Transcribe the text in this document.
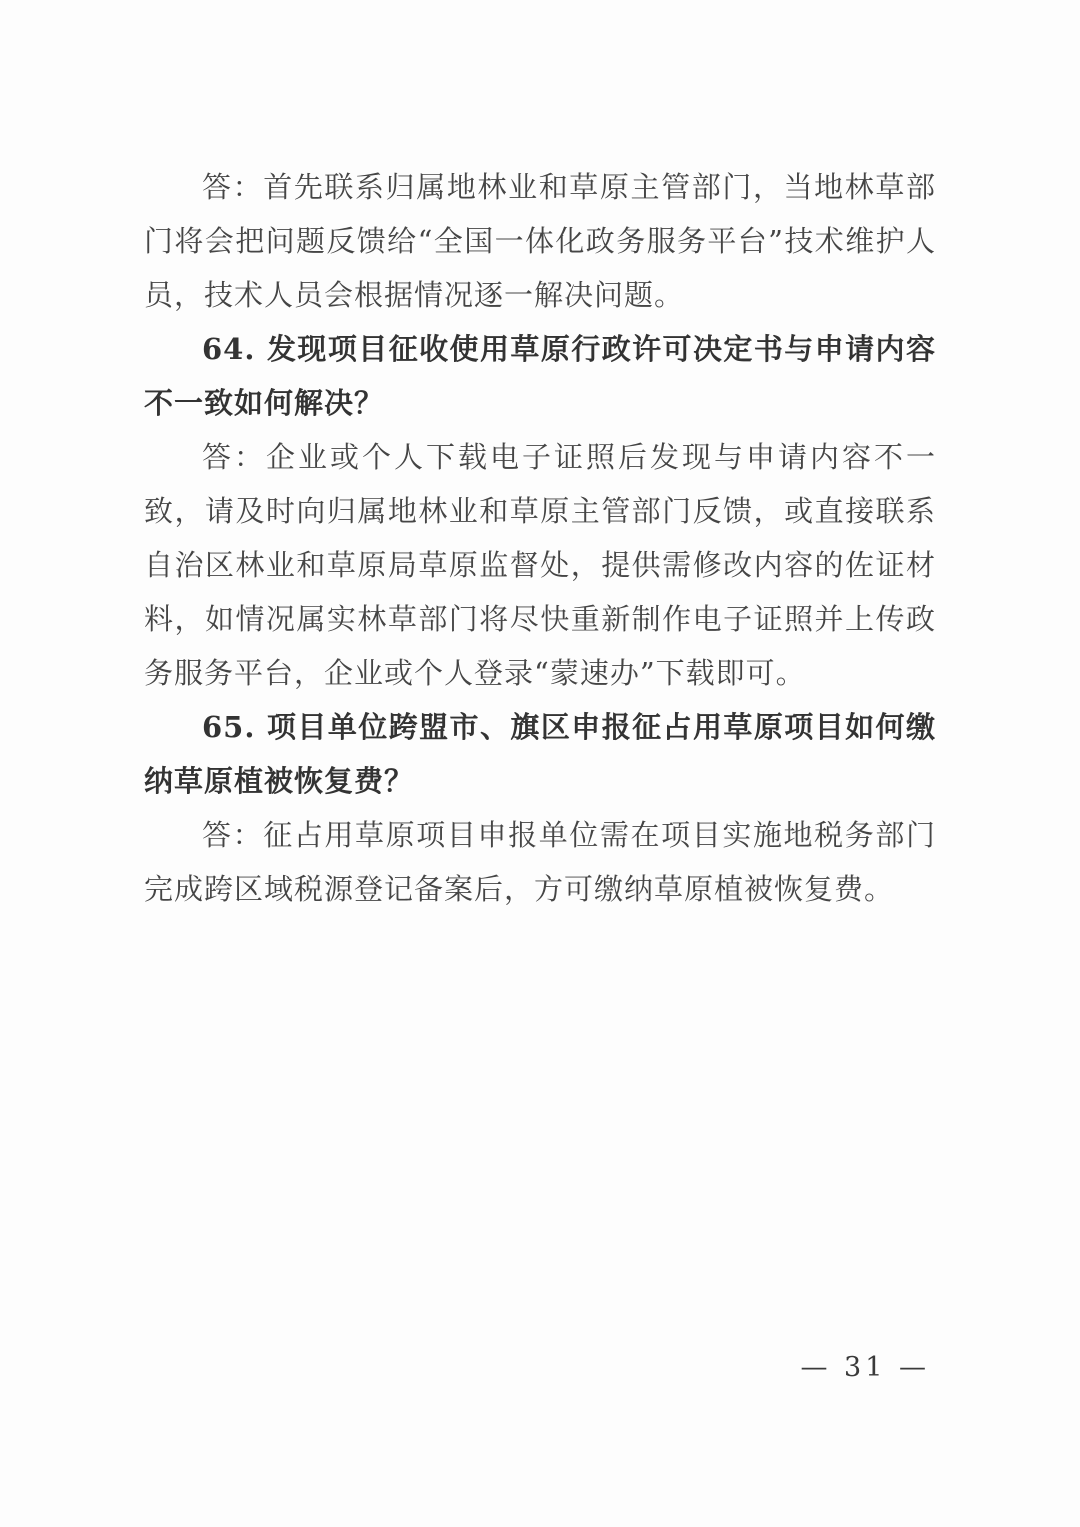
答：首先联系归属地林业和草原主管部门，当地林草部门将会把问题反馈给“全国一体化政务服务平台”技术维护人员，技术人员会根据情况逐一解决问题。

64. 发现项目征收使用草原行政许可决定书与申请内容不一致如何解决？

答：企业或个人下载电子证照后发现与申请内容不一致，请及时向归属地林业和草原主管部门反馈，或直接联系自治区林业和草原局草原监督处，提供需修改内容的佐证材料，如情况属实林草部门将尽快重新制作电子证照并上传政务服务平台，企业或个人登录“蒙速办”下载即可。

65. 项目单位跨盟市、旗区申报征占用草原项目如何缴纳草原植被恢复费？

答：征占用草原项目申报单位需在项目实施地税务部门完成跨区域税源登记备案后，方可缴纳草原植被恢复费。

— 31 —
